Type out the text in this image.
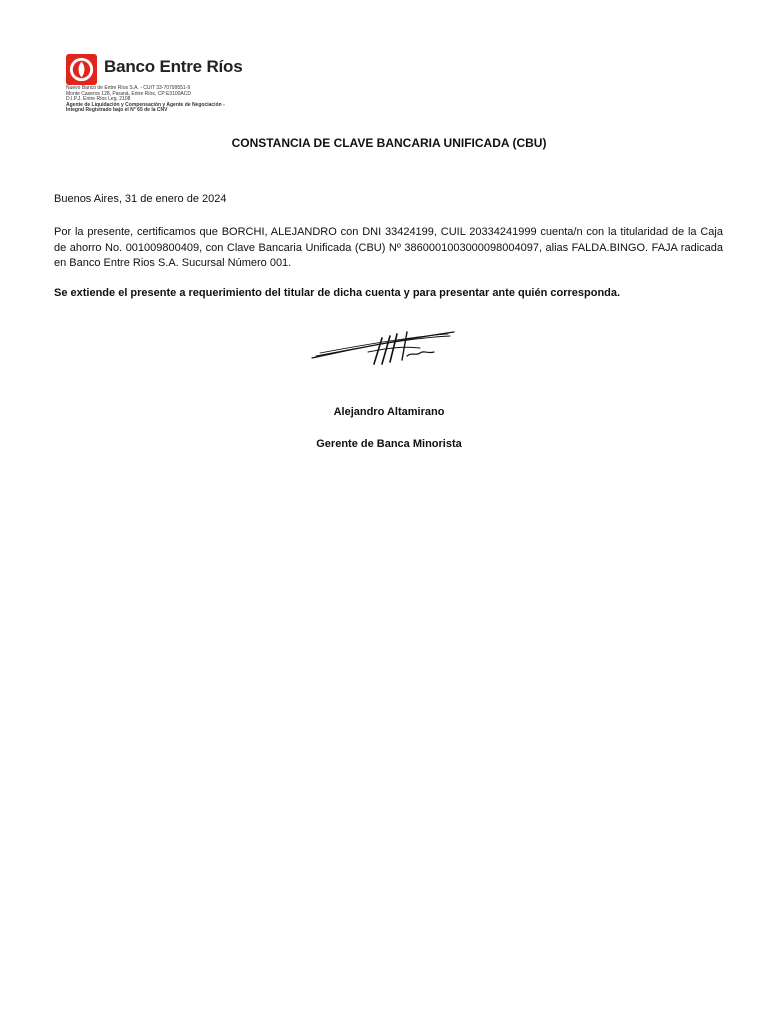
Banco Entre Ríos
Nuevo Banco de Entre Ríos S.A. - CUIT 33-70799551-9
Monte Caseros 128, Paraná, Entre Ríos, CP E3100ACD
D.I.P.J. Entre Ríos Leg. 2108
Agente de Liquidación y Compensación y Agente de Negociación -
Integral Registrado bajo el N° 65 de la CNV
CONSTANCIA DE CLAVE BANCARIA UNIFICADA (CBU)
Buenos Aires, 31 de enero de 2024
Por la presente, certificamos que BORCHI, ALEJANDRO con DNI 33424199, CUIL 20334241999 cuenta/n con la titularidad de la Caja de ahorro No. 001009800409, con Clave Bancaria Unificada (CBU) Nº 3860001003000098004097, alias FALDA.BINGO. FAJA radicada en Banco Entre Rios S.A. Sucursal Número 001.
Se extiende el presente a requerimiento del titular de dicha cuenta y para presentar ante quién corresponda.
Alejandro Altamirano
Gerente de Banca Minorista
